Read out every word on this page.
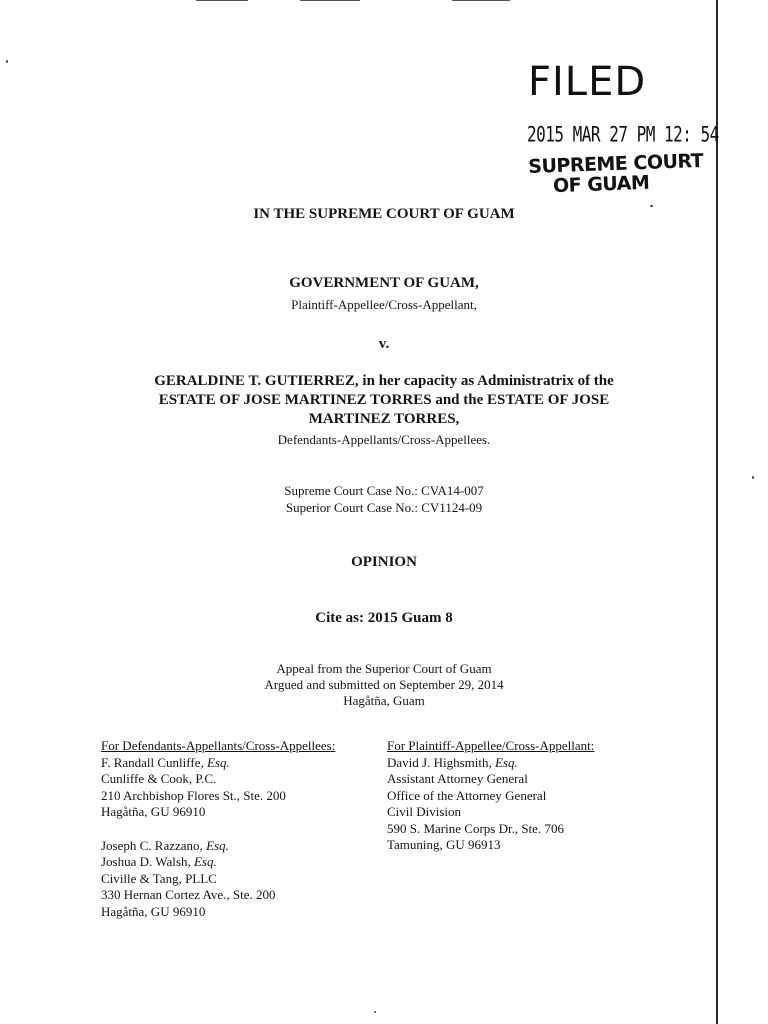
FILED
2015 MAR 27 PM 12: 54
SUPREME COURT
OF GUAM
IN THE SUPREME COURT OF GUAM
GOVERNMENT OF GUAM,
Plaintiff-Appellee/Cross-Appellant,
v.
GERALDINE T. GUTIERREZ, in her capacity as Administratrix of the
ESTATE OF JOSE MARTINEZ TORRES and the ESTATE OF JOSE
MARTINEZ TORRES,
Defendants-Appellants/Cross-Appellees.
Supreme Court Case No.: CVA14-007
Superior Court Case No.: CV1124-09
OPINION
Cite as: 2015 Guam 8
Appeal from the Superior Court of Guam
Argued and submitted on September 29, 2014
Hagåtña, Guam
For Defendants-Appellants/Cross-Appellees:
F. Randall Cunliffe, Esq.
Cunliffe & Cook, P.C.
210 Archbishop Flores St., Ste. 200
Hagåtña, GU 96910
Joseph C. Razzano, Esq.
Joshua D. Walsh, Esq.
Civille & Tang, PLLC
330 Hernan Cortez Ave., Ste. 200
Hagåtña, GU 96910
For Plaintiff-Appellee/Cross-Appellant:
David J. Highsmith, Esq.
Assistant Attorney General
Office of the Attorney General
Civil Division
590 S. Marine Corps Dr., Ste. 706
Tamuning, GU 96913
